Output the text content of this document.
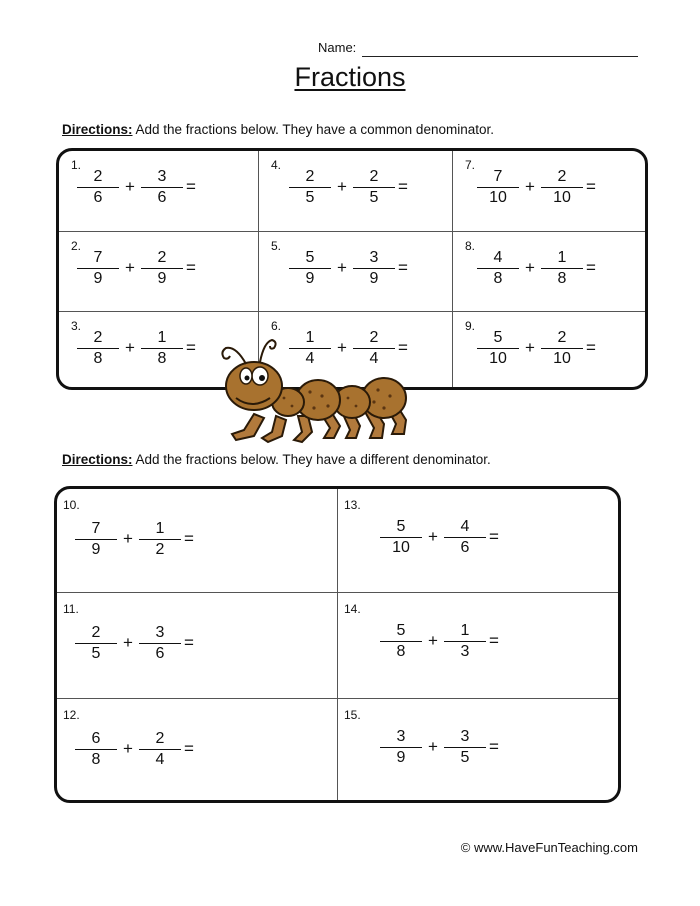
Name:
Fractions
Directions: Add the fractions below. They have a common denominator.
1.
$\frac{2}{6} + \frac{3}{6}$ =
4.
$\frac{2}{5} + \frac{2}{5}$ =
7.
$\frac{7}{10} + \frac{2}{10}$ =
2.
$\frac{7}{9} + \frac{2}{9}$ =
5.
$\frac{5}{9} + \frac{3}{9}$ =
8.
$\frac{4}{8} + \frac{1}{8}$ =
3.
$\frac{2}{8} + \frac{1}{8}$ =
6.
$\frac{1}{4} + \frac{2}{4}$ =
9.
$\frac{5}{10} + \frac{2}{10}$ =
Directions: Add the fractions below. They have a different denominator.
10.
$\frac{7}{9} + \frac{1}{2}$ =
13.
$\frac{5}{10} + \frac{4}{6}$ =
11.
$\frac{2}{5} + \frac{3}{6}$ =
14.
$\frac{5}{8} + \frac{1}{3}$ =
12.
$\frac{6}{8} + \frac{2}{4}$ =
15.
$\frac{3}{9} + \frac{3}{5}$ =
© www.HaveFunTeaching.com
